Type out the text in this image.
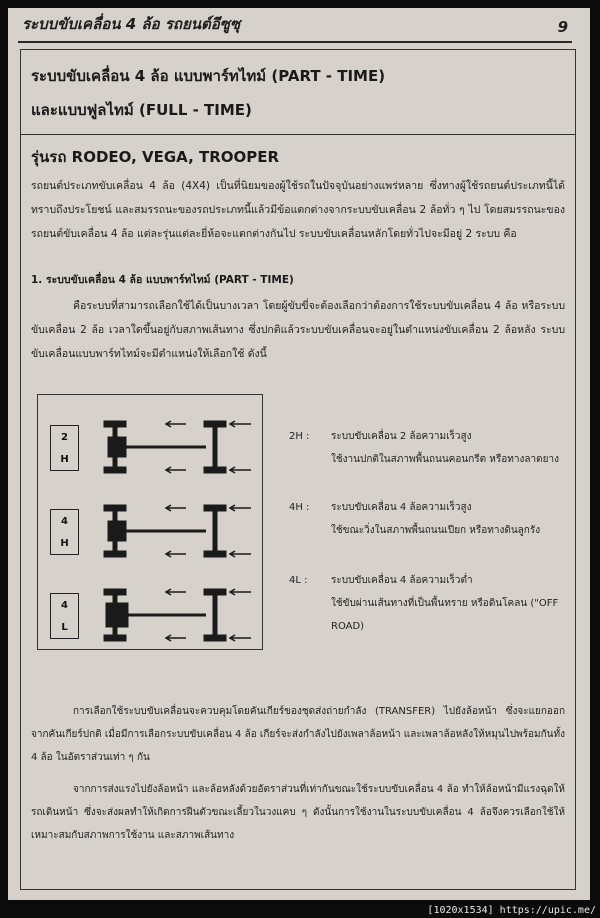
ระบบขับเคลื่อน 4 ล้อ รถยนต์อีซูซุ	9
ระบบขับเคลื่อน 4 ล้อ แบบพาร์ทไทม์ (PART - TIME)
และแบบฟูลไทม์ (FULL - TIME)
รุ่นรถ RODEO, VEGA, TROOPER
รถยนต์ประเภทขับเคลื่อน 4 ล้อ (4X4) เป็นที่นิยมของผู้ใช้รถในปัจจุบันอย่างแพร่หลาย ซึ่งทางผู้ใช้รถยนต์ประเภทนี้ได้ทราบถึงประโยชน์ และสมรรถนะของรถประเภทนี้แล้วมีข้อแตกต่างจากระบบขับเคลื่อน 2 ล้อทั่ว ๆ ไป โดยสมรรถนะของรถยนต์ขับเคลื่อน 4 ล้อ แต่ละรุ่นแต่ละยี่ห้อจะแตกต่างกันไป ระบบขับเคลื่อนหลักโดยทั่วไปจะมีอยู่ 2 ระบบ คือ
1. ระบบขับเคลื่อน 4 ล้อ แบบพาร์ทไทม์ (PART - TIME)
คือระบบที่สามารถเลือกใช้ได้เป็นบางเวลา โดยผู้ขับขี่จะต้องเลือกว่าต้องการใช้ระบบขับเคลื่อน 4 ล้อ หรือระบบขับเคลื่อน 2 ล้อ เวลาใดขึ้นอยู่กับสภาพเส้นทาง ซึ่งปกติแล้วระบบขับเคลื่อนจะอยู่ในตำแหน่งขับเคลื่อน 2 ล้อหลัง ระบบขับเคลื่อนแบบพาร์ทไทม์จะมีตำแหน่งให้เลือกใช้ ดังนี้
2
H
4
H
4
L
2H : ระบบขับเคลื่อน 2 ล้อความเร็วสูง
ใช้งานปกติในสภาพพื้นถนนคอนกรีต หรือทางลาดยาง
4H : ระบบขับเคลื่อน 4 ล้อความเร็วสูง
ใช้ขณะวิ่งในสภาพพื้นถนนเปียก หรือทางดินลูกรัง
4L : ระบบขับเคลื่อน 4 ล้อความเร็วต่ำ
ใช้ขับผ่านเส้นทางที่เป็นพื้นทราย หรือดินโคลน ("OFF
ROAD)
การเลือกใช้ระบบขับเคลื่อนจะควบคุมโดยคันเกียร์ของชุดส่งถ่ายกำลัง (TRANSFER) ไปยังล้อหน้า ซึ่งจะแยกออกจากคันเกียร์ปกติ เมื่อมีการเลือกระบบขับเคลื่อน 4 ล้อ เกียร์จะส่งกำลังไปยังเพลาล้อหน้า และเพลาล้อหลังให้หมุนไปพร้อมกันทั้ง 4 ล้อ ในอัตราส่วนเท่า ๆ กัน
จากการส่งแรงไปยังล้อหน้า และล้อหลังด้วยอัตราส่วนที่เท่ากันขณะใช้ระบบขับเคลื่อน 4 ล้อ ทำให้ล้อหน้ามีแรงฉุดให้รถเดินหน้า ซึ่งจะส่งผลทำให้เกิดการฝืนตัวขณะเลี้ยวในวงแคบ ๆ ดังนั้นการใช้งานในระบบขับเคลื่อน 4 ล้อจึงควรเลือกใช้ให้เหมาะสมกับสภาพการใช้งาน และสภาพเส้นทาง
[1020x1534] https://upic.me/
